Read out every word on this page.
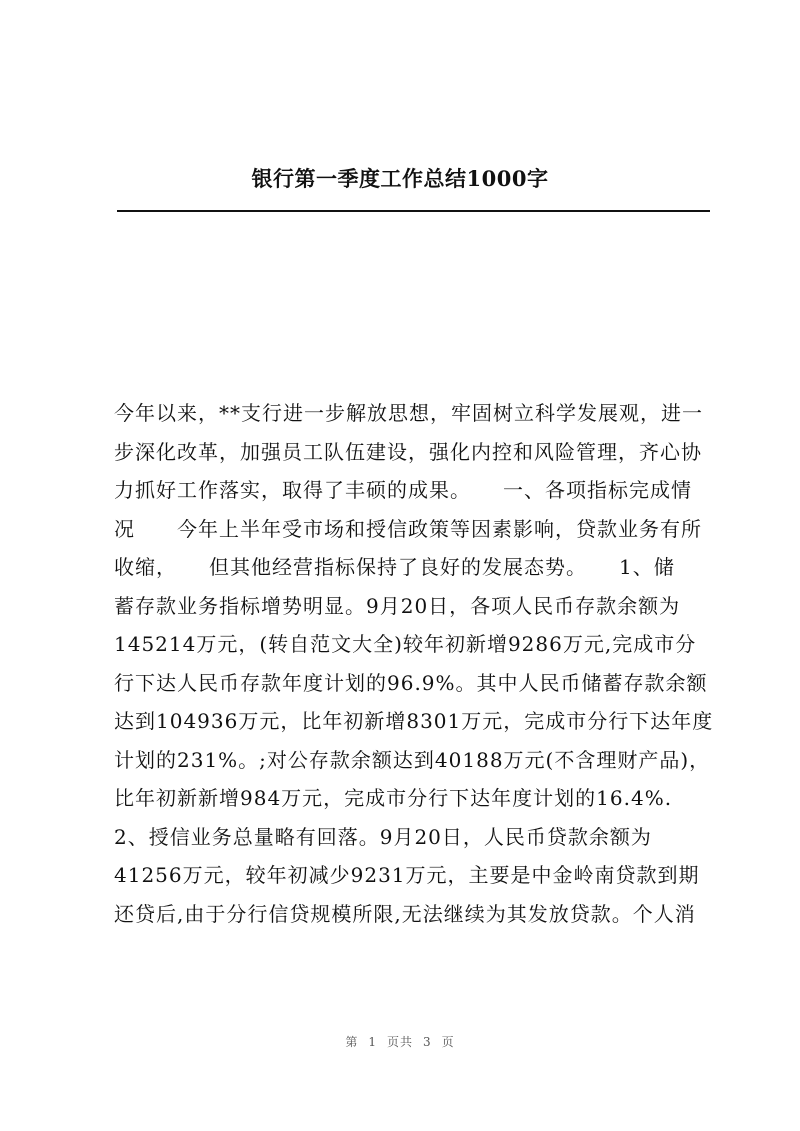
银行第一季度工作总结1000字
今年以来，**支行进一步解放思想，牢固树立科学发展观，进一
步深化改革，加强员工队伍建设，强化内控和风险管理，齐心协
力抓好工作落实，取得了丰硕的成果。　　一、各项指标完成情
况　　今年上半年受市场和授信政策等因素影响，贷款业务有所
收缩，　　但其他经营指标保持了良好的发展态势。　　1、储
蓄存款业务指标增势明显。9月20日，各项人民币存款余额为
145214万元，(转自范文大全)较年初新增9286万元,完成市分
行下达人民币存款年度计划的96.9%。其中人民币储蓄存款余额
达到104936万元，比年初新增8301万元，完成市分行下达年度
计划的231%。;对公存款余额达到40188万元(不含理财产品)，
比年初新新增984万元，完成市分行下达年度计划的16.4%.
2、授信业务总量略有回落。9月20日，人民币贷款余额为
41256万元，较年初减少9231万元，主要是中金岭南贷款到期
还贷后,由于分行信贷规模所限,无法继续为其发放贷款。个人消
第 1 页共 3 页
